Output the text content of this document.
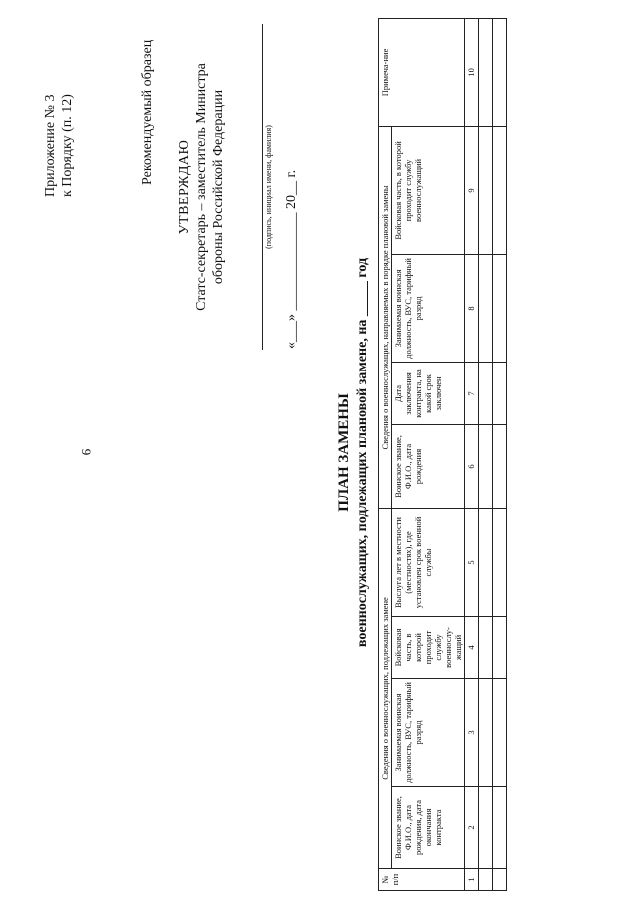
9
Приложение № 3 к Порядку (п. 12)	Рекомендуемый образец
УТВЕРЖДАЮ Статс-секретарь – заместитель Министра обороны Российской Федерации	(подпись, инициал имени, фамилия) «___» ______________ 20__ г.
ПЛАН ЗАМЕНЫ военнослужащих, подлежащих плановой замене, на _____ год
№ п/п	Сведения о военнослужащих, подлежащих замене				Сведения о военнослужащих, направляемых в порядке плановой замены				Примеча-ние
	Воинское звание, Ф.И.О., дата рождения, дата окончания контракта	Занимаемая воинская должность, ВУС, тарифный разряд	Войсковая часть, в которой проходит службу военнослу-жащий	Выслуга лет в местности (местностях), где установлен срок военной службы	Воинское звание, Ф.И.О., дата рождения	Дата заключения контракта, на какой срок заключен	Занимаемая воинская должность, ВУС, тарифный разряд	Войсковая часть, в которой проходит службу военнослужащий	
1	2	3	4	5	6	7	8	9	10
